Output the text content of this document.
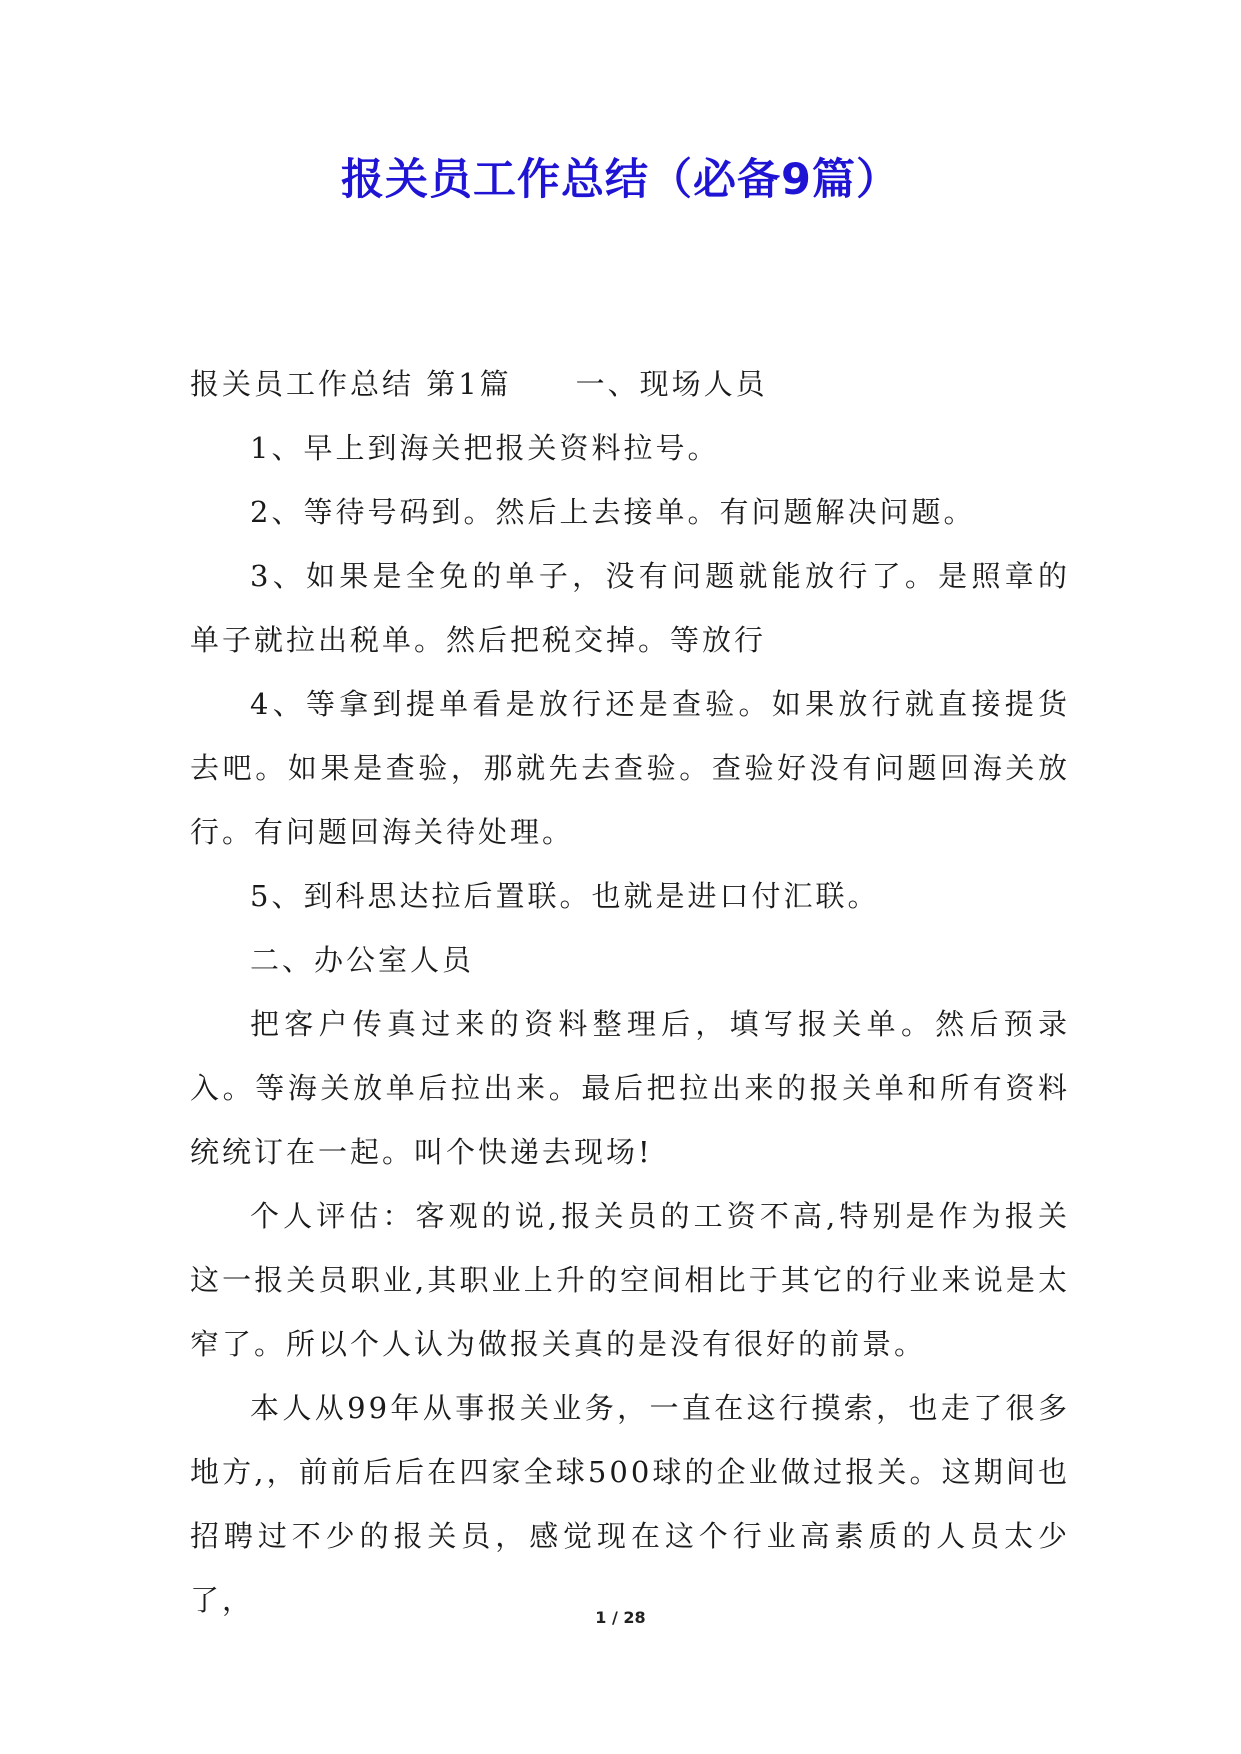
报关员工作总结（必备9篇）

报关员工作总结 第1篇 一、现场人员

1、早上到海关把报关资料拉号。

2、等待号码到。然后上去接单。有问题解决问题。

3、如果是全免的单子，没有问题就能放行了。是照章的单子就拉出税单。然后把税交掉。等放行

4、等拿到提单看是放行还是查验。如果放行就直接提货去吧。如果是查验，那就先去查验。查验好没有问题回海关放行。有问题回海关待处理。

5、到科思达拉后置联。也就是进口付汇联。

二、办公室人员

把客户传真过来的资料整理后，填写报关单。然后预录入。等海关放单后拉出来。最后把拉出来的报关单和所有资料统统订在一起。叫个快递去现场!

个人评估：客观的说,报关员的工资不高,特别是作为报关这一报关员职业,其职业上升的空间相比于其它的行业来说是太窄了。所以个人认为做报关真的是没有很好的前景。

本人从99年从事报关业务，一直在这行摸索，也走了很多地方,，前前后后在四家全球500球的企业做过报关。这期间也招聘过不少的报关员，感觉现在这个行业高素质的人员太少了，

1 / 28
